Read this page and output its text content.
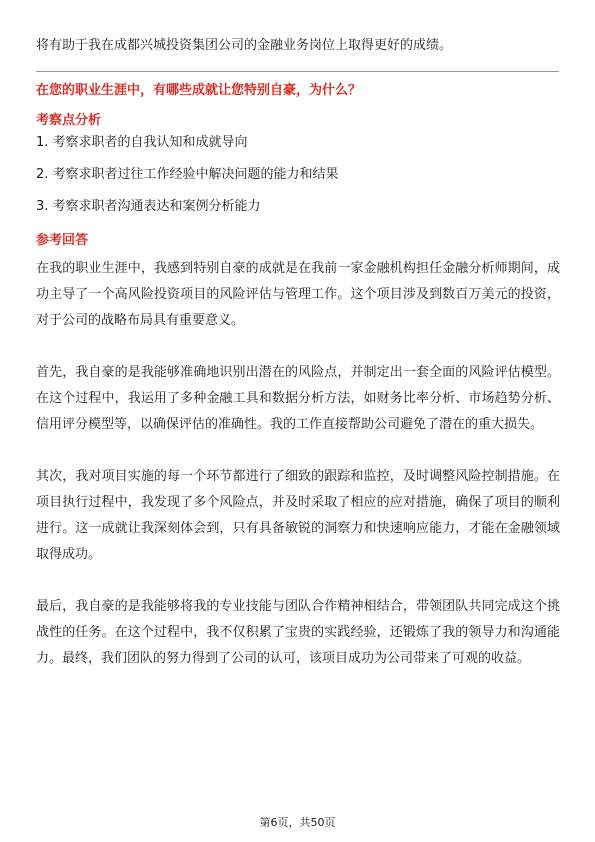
将有助于我在成都兴城投资集团公司的金融业务岗位上取得更好的成绩。

在您的职业生涯中，有哪些成就让您特别自豪，为什么？

考察点分析

1. 考察求职者的自我认知和成就导向
2. 考察求职者过往工作经验中解决问题的能力和结果
3. 考察求职者沟通表达和案例分析能力

参考回答

在我的职业生涯中，我感到特别自豪的成就是在我前一家金融机构担任金融分析师期间，成功主导了一个高风险投资项目的风险评估与管理工作。这个项目涉及到数百万美元的投资，对于公司的战略布局具有重要意义。

首先，我自豪的是我能够准确地识别出潜在的风险点，并制定出一套全面的风险评估模型。在这个过程中，我运用了多种金融工具和数据分析方法，如财务比率分析、市场趋势分析、信用评分模型等，以确保评估的准确性。我的工作直接帮助公司避免了潜在的重大损失。

其次，我对项目实施的每一个环节都进行了细致的跟踪和监控，及时调整风险控制措施。在项目执行过程中，我发现了多个风险点，并及时采取了相应的应对措施，确保了项目的顺利进行。这一成就让我深刻体会到，只有具备敏锐的洞察力和快速响应能力，才能在金融领域取得成功。

最后，我自豪的是我能够将我的专业技能与团队合作精神相结合，带领团队共同完成这个挑战性的任务。在这个过程中，我不仅积累了宝贵的实践经验，还锻炼了我的领导力和沟通能力。最终，我们团队的努力得到了公司的认可，该项目成功为公司带来了可观的收益。

第6页，共50页
